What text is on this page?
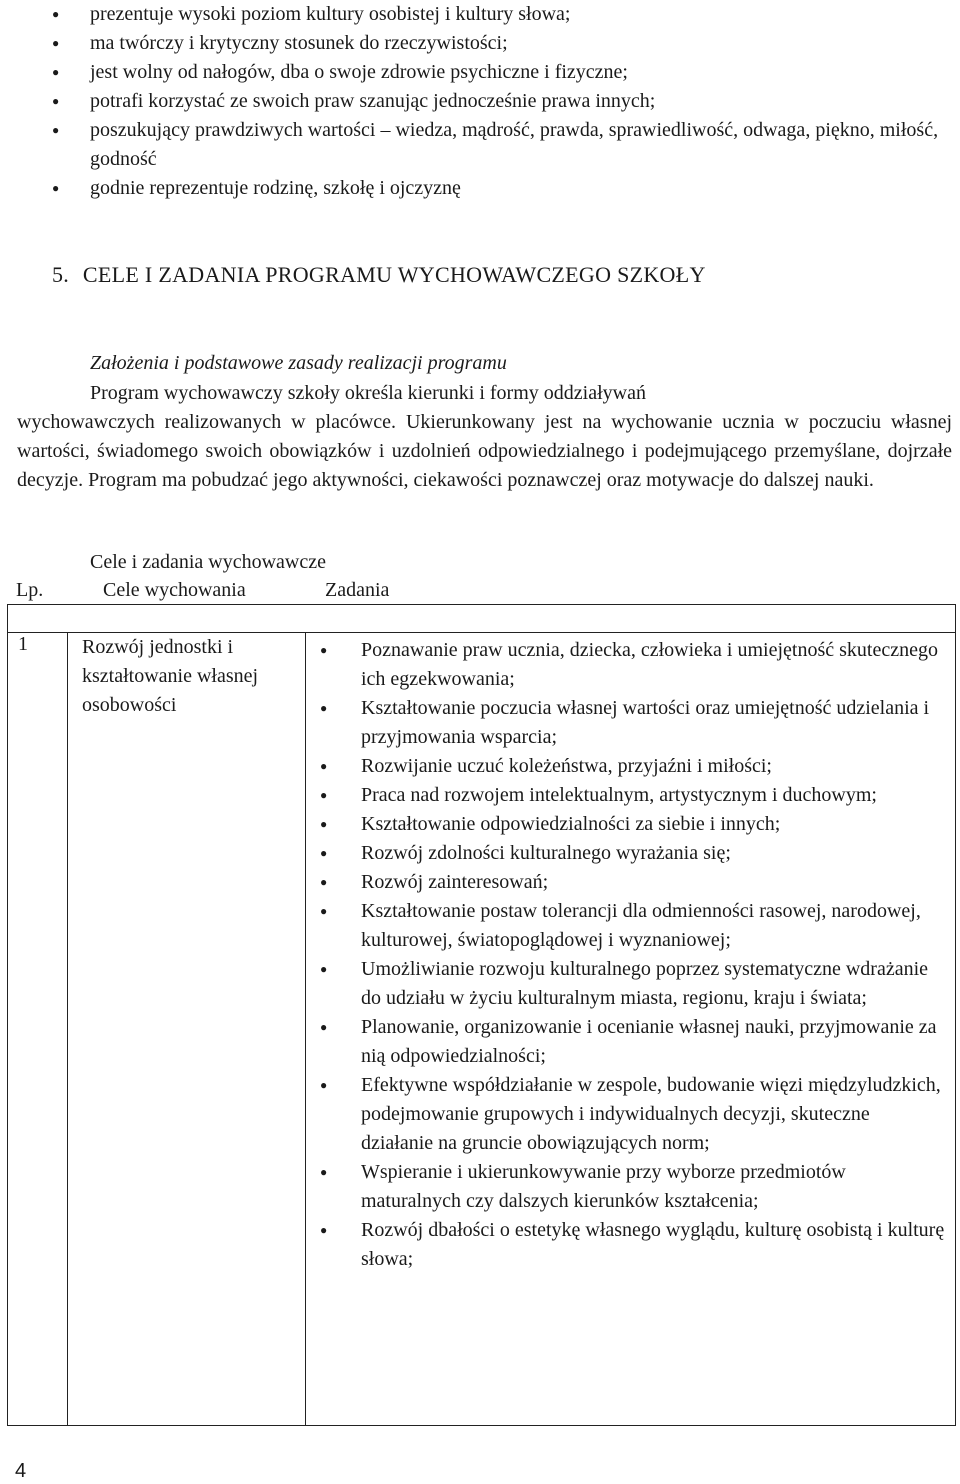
● prezentuje wysoki poziom kultury osobistej i kultury słowa;
● ma twórczy i krytyczny stosunek do rzeczywistości;
● jest wolny od nałogów, dba o swoje zdrowie psychiczne i fizyczne;
● potrafi korzystać ze swoich praw szanując jednocześnie prawa innych;
● poszukujący prawdziwych wartości – wiedza, mądrość, prawda, sprawiedliwość, odwaga, piękno, miłość, godność
● godnie reprezentuje rodzinę, szkołę i ojczyznę
5. CELE I ZADANIA PROGRAMU WYCHOWAWCZEGO SZKOŁY
Założenia i podstawowe zasady realizacji programu
Program wychowawczy szkoły określa kierunki i formy oddziaływań
wychowawczych realizowanych w placówce. Ukierunkowany jest na wychowanie ucznia w poczuciu własnej wartości, świadomego swoich obowiązków i uzdolnień odpowiedzialnego i podejmującego przemyślane, dojrzałe decyzje. Program ma pobudzać jego aktywności, ciekawości poznawczej oraz motywacje do dalszej nauki.
Cele i zadania wychowawcze
Lp.	Cele wychowania	Zadania
1	Rozwój jednostki i kształtowanie własnej osobowości
● Poznawanie praw ucznia, dziecka, człowieka i umiejętność skutecznego ich egzekwowania;
● Kształtowanie poczucia własnej wartości oraz umiejętność udzielania i przyjmowania wsparcia;
● Rozwijanie uczuć koleżeństwa, przyjaźni i miłości;
● Praca nad rozwojem intelektualnym, artystycznym i duchowym;
● Kształtowanie odpowiedzialności za siebie i innych;
● Rozwój zdolności kulturalnego wyrażania się;
● Rozwój zainteresowań;
● Kształtowanie postaw tolerancji dla odmienności rasowej, narodowej, kulturowej, światopoglądowej i wyznaniowej;
● Umożliwianie rozwoju kulturalnego poprzez systematyczne wdrażanie do udziału w życiu kulturalnym miasta, regionu, kraju i świata;
● Planowanie, organizowanie i ocenianie własnej nauki, przyjmowanie za nią odpowiedzialności;
● Efektywne współdziałanie w zespole, budowanie więzi międzyludzkich, podejmowanie grupowych i indywidualnych decyzji, skuteczne działanie na gruncie obowiązujących norm;
● Wspieranie i ukierunkowywanie przy wyborze przedmiotów maturalnych czy dalszych kierunków kształcenia;
● Rozwój dbałości o estetykę własnego wyglądu, kulturę osobistą i kulturę słowa;
4
